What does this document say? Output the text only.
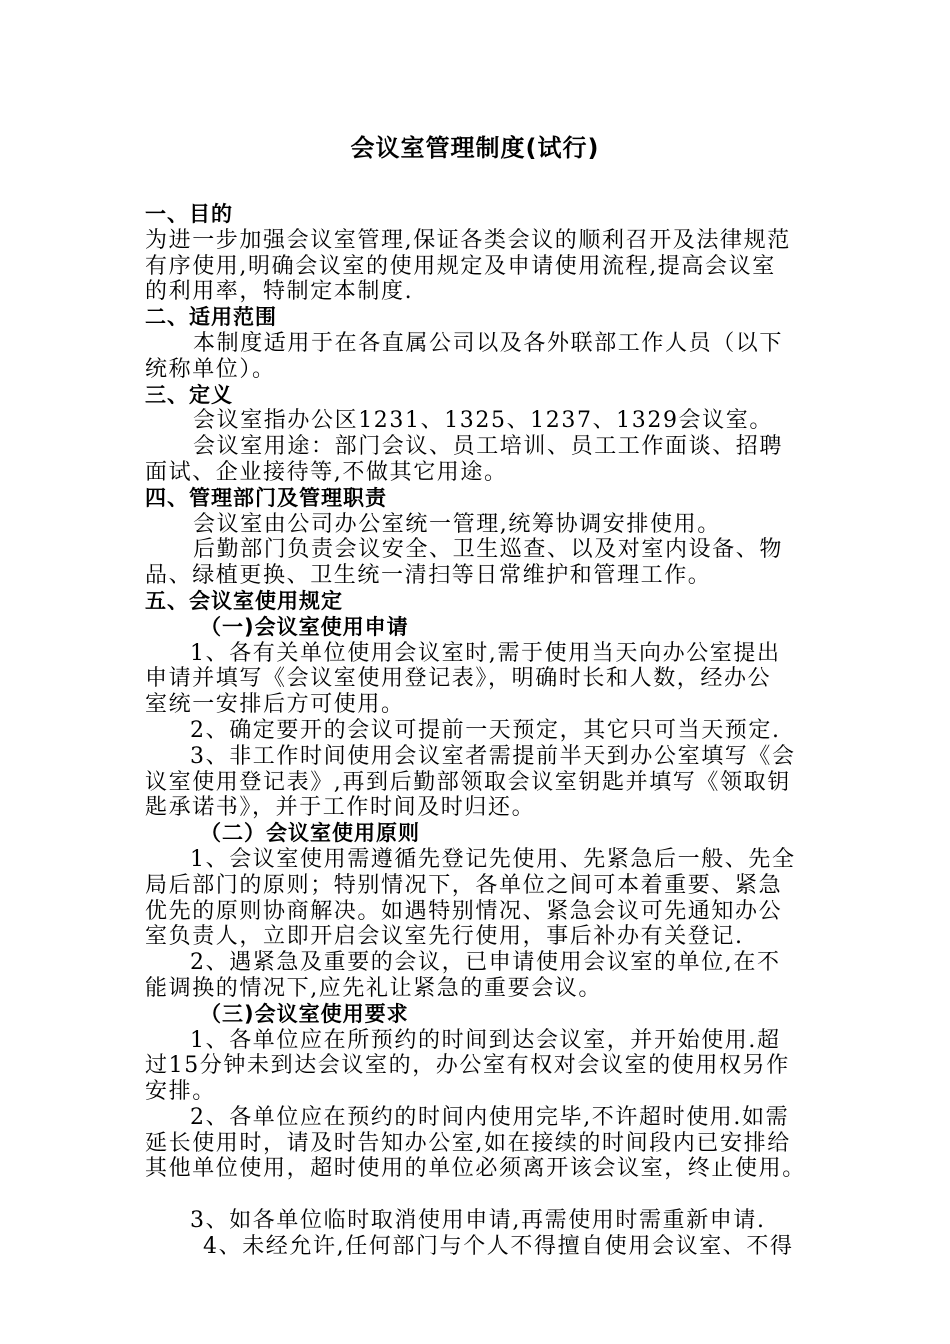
会议室管理制度(试行)
一、目的
为进一步加强会议室管理,保证各类会议的顺利召开及法律规范
有序使用,明确会议室的使用规定及申请使用流程,提高会议室
的利用率，特制定本制度.
二、适用范围
本制度适用于在各直属公司以及各外联部工作人员（以下
统称单位）。
三、定义
会议室指办公区1231、1325、1237、1329会议室。
会议室用途：部门会议、员工培训、员工工作面谈、招聘
面试、企业接待等,不做其它用途。
四、管理部门及管理职责
会议室由公司办公室统一管理,统筹协调安排使用。
后勤部门负责会议安全、卫生巡查、以及对室内设备、物
品、绿植更换、卫生统一清扫等日常维护和管理工作。
五、会议室使用规定
（一)会议室使用申请
1、各有关单位使用会议室时,需于使用当天向办公室提出
申请并填写《会议室使用登记表》，明确时长和人数，经办公
室统一安排后方可使用。
2、确定要开的会议可提前一天预定，其它只可当天预定.
3、非工作时间使用会议室者需提前半天到办公室填写《会
议室使用登记表》,再到后勤部领取会议室钥匙并填写《领取钥
匙承诺书》，并于工作时间及时归还。
（二）会议室使用原则
1、会议室使用需遵循先登记先使用、先紧急后一般、先全
局后部门的原则；特别情况下，各单位之间可本着重要、紧急
优先的原则协商解决。如遇特别情况、紧急会议可先通知办公
室负责人，立即开启会议室先行使用，事后补办有关登记.
2、遇紧急及重要的会议，已申请使用会议室的单位,在不
能调换的情况下,应先礼让紧急的重要会议。
（三)会议室使用要求
1、各单位应在所预约的时间到达会议室，并开始使用.超
过15分钟未到达会议室的，办公室有权对会议室的使用权另作
安排。
2、各单位应在预约的时间内使用完毕,不许超时使用.如需
延长使用时，请及时告知办公室,如在接续的时间段内已安排给
其他单位使用，超时使用的单位必须离开该会议室，终止使用。
3、如各单位临时取消使用申请,再需使用时需重新申请.
4、未经允许,任何部门与个人不得擅自使用会议室、不得
